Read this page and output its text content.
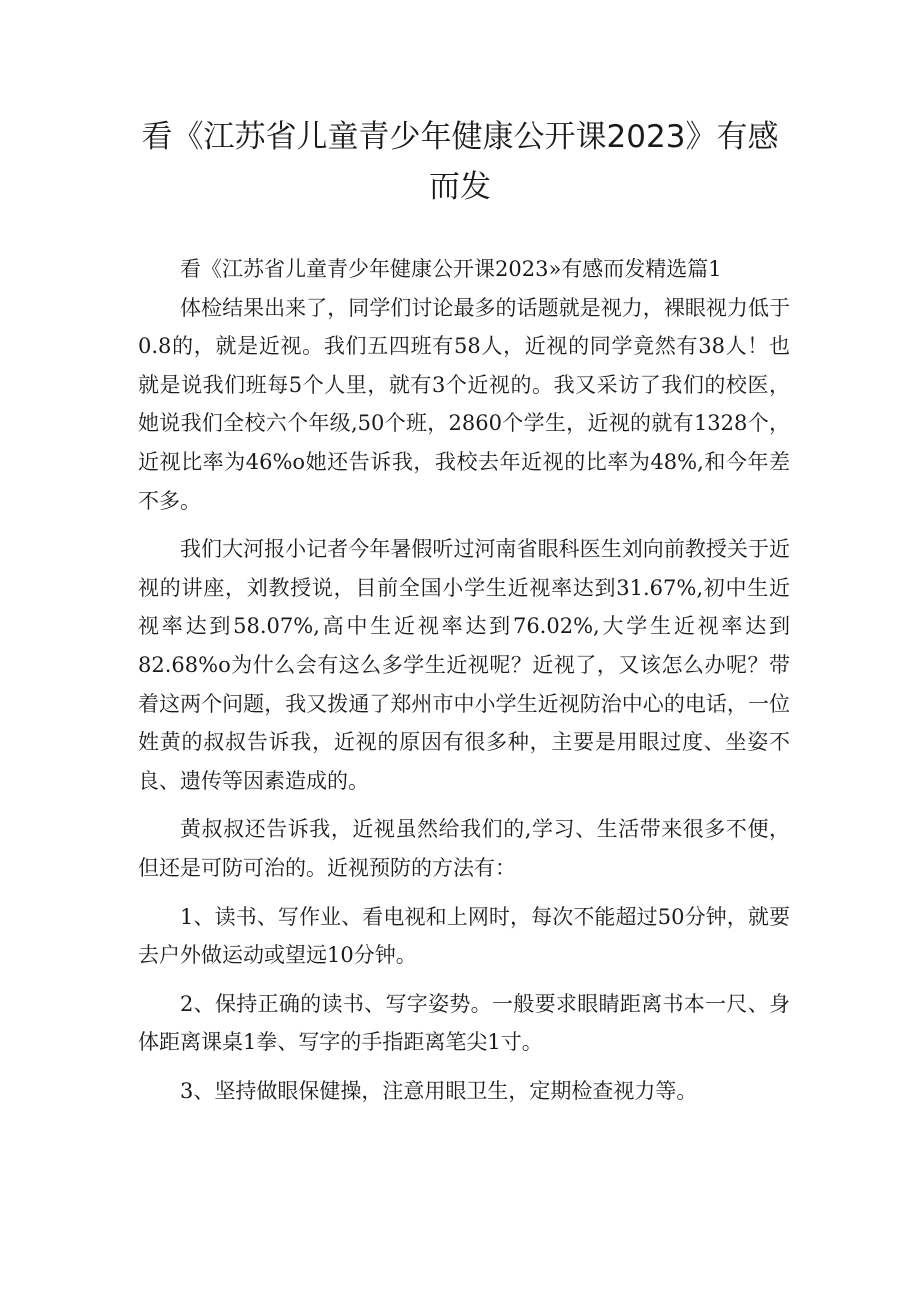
看《江苏省儿童青少年健康公开课2023》有感而发

看《江苏省儿童青少年健康公开课2023»有感而发精选篇1

体检结果出来了，同学们讨论最多的话题就是视力，裸眼视力低于0.8的，就是近视。我们五四班有58人，近视的同学竟然有38人！也就是说我们班每5个人里，就有3个近视的。我又采访了我们的校医，她说我们全校六个年级,50个班，2860个学生，近视的就有1328个，近视比率为46%o她还告诉我，我校去年近视的比率为48%,和今年差不多。

我们大河报小记者今年暑假听过河南省眼科医生刘向前教授关于近视的讲座，刘教授说，目前全国小学生近视率达到31.67%,初中生近视率达到58.07%,高中生近视率达到76.02%,大学生近视率达到82.68%o为什么会有这么多学生近视呢？近视了，又该怎么办呢？带着这两个问题，我又拨通了郑州市中小学生近视防治中心的电话，一位姓黄的叔叔告诉我，近视的原因有很多种，主要是用眼过度、坐姿不良、遗传等因素造成的。

黄叔叔还告诉我，近视虽然给我们的,学习、生活带来很多不便，但还是可防可治的。近视预防的方法有：

1、读书、写作业、看电视和上网时，每次不能超过50分钟，就要去户外做运动或望远10分钟。

2、保持正确的读书、写字姿势。一般要求眼睛距离书本一尺、身体距离课桌1拳、写字的手指距离笔尖1寸。

3、坚持做眼保健操，注意用眼卫生，定期检查视力等。
